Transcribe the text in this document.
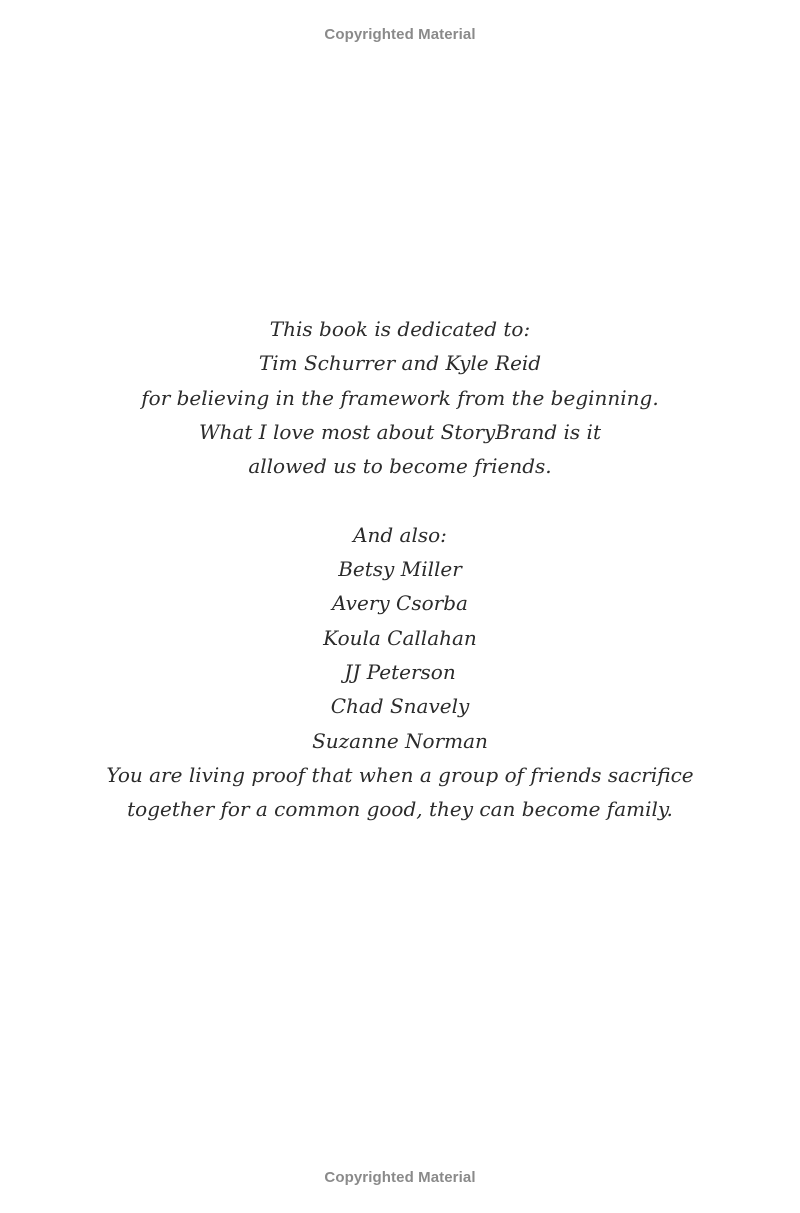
Copyrighted Material
This book is dedicated to:
Tim Schurrer and Kyle Reid
for believing in the framework from the beginning.
What I love most about StoryBrand is it
allowed us to become friends.
And also:
Betsy Miller
Avery Csorba
Koula Callahan
JJ Peterson
Chad Snavely
Suzanne Norman
You are living proof that when a group of friends sacrifice
together for a common good, they can become family.
Copyrighted Material
